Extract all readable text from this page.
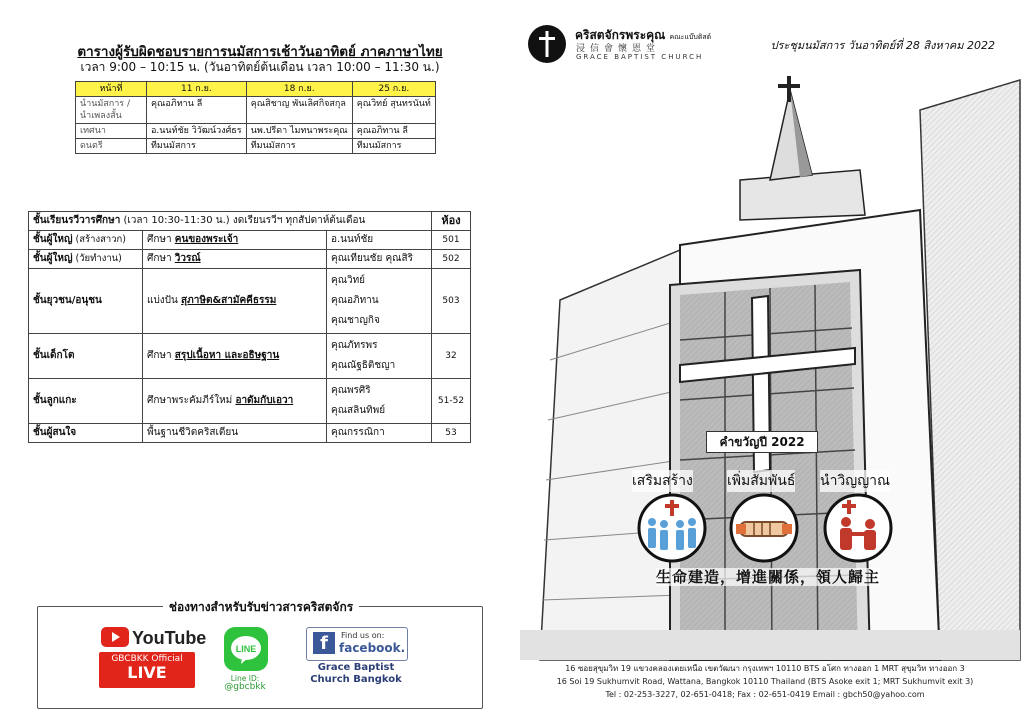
ตารางผู้รับผิดชอบรายการนมัสการเช้าวันอาทิตย์ ภาคภาษาไทย
เวลา 9:00 – 10:15 น. (วันอาทิตย์ต้นเดือน เวลา 10:00 – 11:30 น.)
หน้าที่	11 ก.ย.	18 ก.ย.	25 ก.ย.
นำนมัสการ / นำเพลงสั้น	คุณอภิทาน ลี	คุณสิชาญ พันเลิศกิจสกุล	คุณวิทย์ สุนทรนันท์
เทศนา	อ.นนท์ชัย วิวัฒน์วงศ์ธร	นพ.ปรีดา ไมทนาพระคุณ	คุณอภิทาน ลี
ดนตรี	ทีมนมัสการ	ทีมนมัสการ	ทีมนมัสการ
ชั้นเรียนรวีวารศึกษา (เวลา 10:30-11:30 น.) งดเรียนรวีฯ ทุกสัปดาห์ต้นเดือน			ห้อง
ชั้นผู้ใหญ่ (สร้างสาวก)	ศึกษา คนของพระเจ้า	อ.นนท์ชัย	501
ชั้นผู้ใหญ่ (วัยทำงาน)	ศึกษา วิวรณ์	คุณเทียนชัย คุณสิริ	502
ชั้นยุวชน/อนุชน	แบ่งปัน สุภาษิต&สามัคคีธรรม	คุณวิทย์
คุณอภิทาน
คุณชาญกิจ	503
ชั้นเด็กโต	ศึกษา สรุปเนื้อหา และอธิษฐาน	คุณภัทรพร
คุณณัฐธิติชญา	32
ชั้นลูกแกะ	ศึกษาพระคัมภีร์ใหม่ อาดัมกับเอวา	คุณพรศิริ
คุณสลินทิพย์	51-52
ชั้นผู้สนใจ	พื้นฐานชีวิตคริสเตียน	คุณกรรณิกา	53
ช่องทางสำหรับรับข่าวสารคริสตจักร
YouTube
GBCBKK Official
LIVE
LINE
Line ID:
@gbcbkk
f	Find us on:
facebook.
Grace Baptist
Church Bangkok
คริสตจักรพระคุณ คณะแบ๊บติสต์
浸信會懷恩堂
GRACE BAPTIST CHURCH
ประชุมนมัสการ วันอาทิตย์ที่ 28 สิงหาคม 2022
คำขวัญปี 2022
เสริมสร้าง เพิ่มสัมพันธ์ นำวิญญาณ
生命建造，增進關係，領人歸主
16 ซอยสุขุมวิท 19 แขวงคลองเตยเหนือ เขตวัฒนา กรุงเทพฯ 10110 BTS อโศก ทางออก 1 MRT สุขุมวิท ทางออก 3
16 Soi 19 Sukhumvit Road, Wattana, Bangkok 10110 Thailand (BTS Asoke exit 1; MRT Sukhumvit exit 3)
Tel : 02-253-3227, 02-651-0418; Fax : 02-651-0419 Email : gbch50@yahoo.com
